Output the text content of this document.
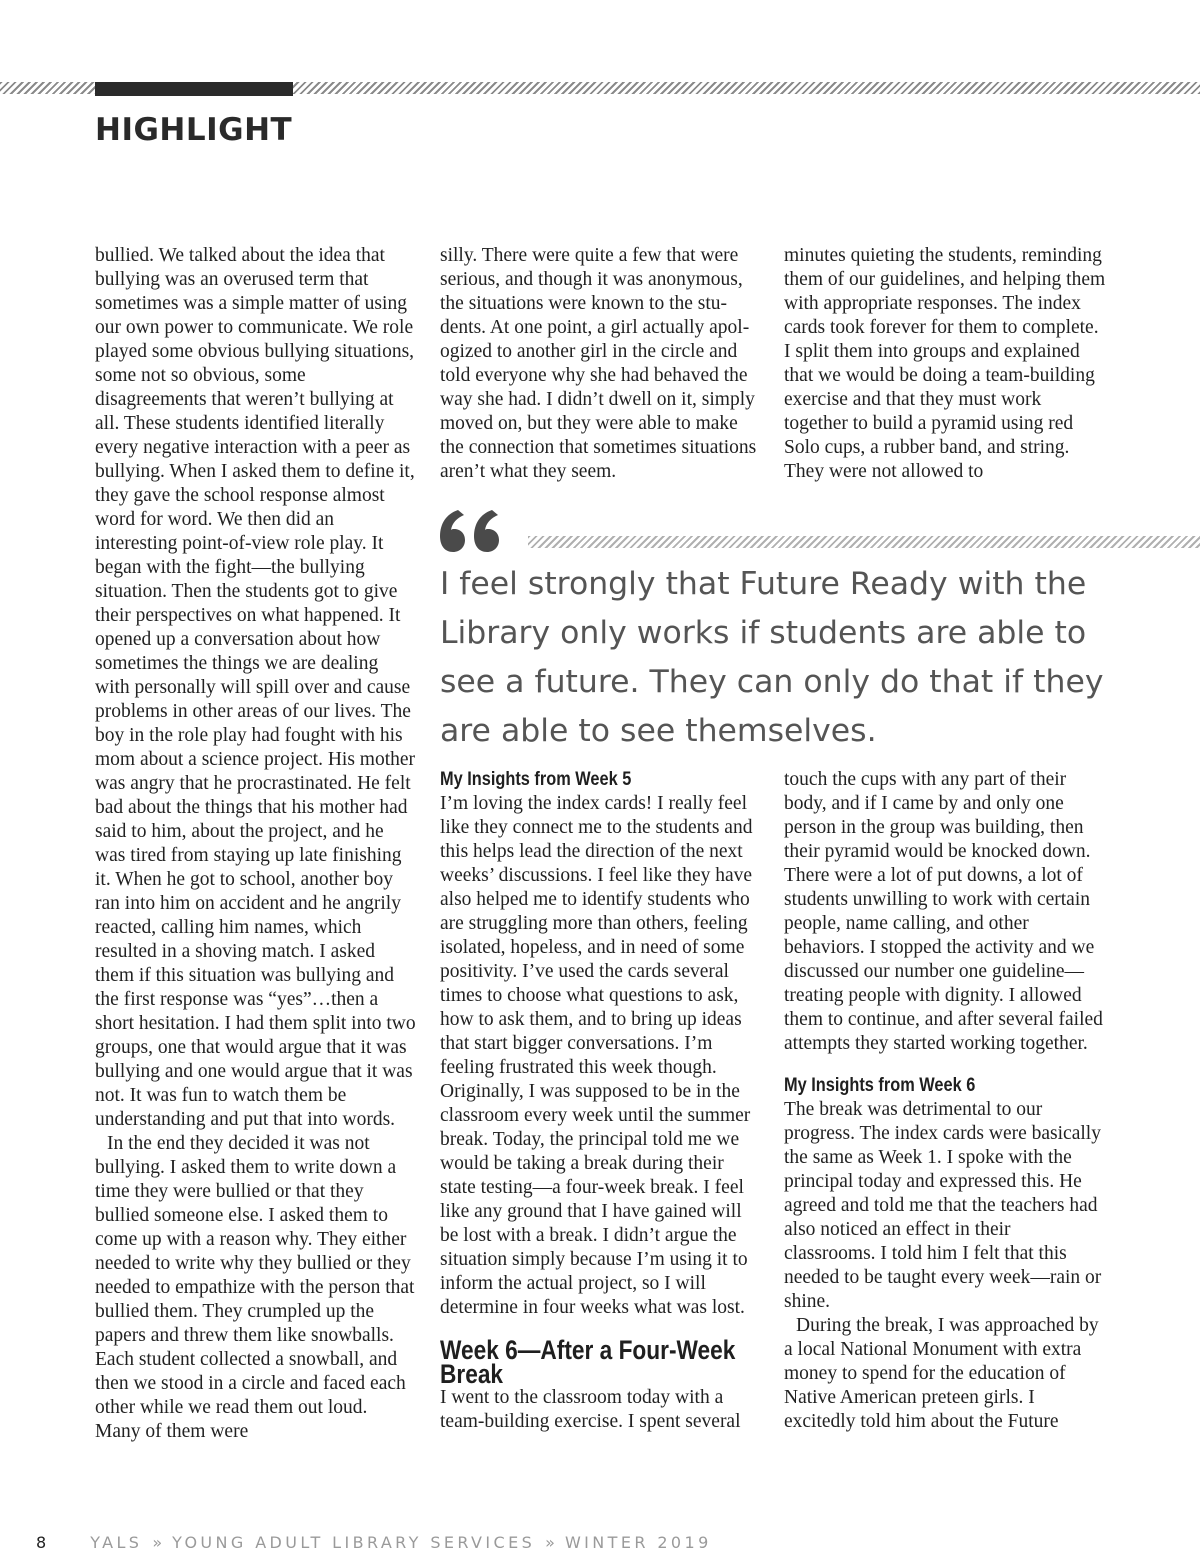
HIGHLIGHT

bullied. We talked about the idea that bullying was an overused term that sometimes was a simple matter of using our own power to communicate. We role played some obvious bullying situations, some not so obvious, some disagreements that weren’t bullying at all. These students identified literally every negative interaction with a peer as bullying. When I asked them to define it, they gave the school response almost word for word. We then did an interesting point-of-view role play. It began with the fight—the bullying situation. Then the students got to give their perspectives on what happened. It opened up a conversation about how sometimes the things we are dealing with personally will spill over and cause problems in other areas of our lives. The boy in the role play had fought with his mom about a science project. His mother was angry that he procrastinated. He felt bad about the things that his mother had said to him, about the project, and he was tired from staying up late finishing it. When he got to school, another boy ran into him on accident and he angrily reacted, calling him names, which resulted in a shoving match. I asked them if this situation was bullying and the first response was “yes”…then a short hesitation. I had them split into two groups, one that would argue that it was bullying and one would argue that it was not. It was fun to watch them be understanding and put that into words.

In the end they decided it was not bullying. I asked them to write down a time they were bullied or that they bullied someone else. I asked them to come up with a reason why. They either needed to write why they bullied or they needed to empathize with the person that bullied them. They crumpled up the papers and threw them like snowballs. Each student collected a snowball, and then we stood in a circle and faced each other while we read them out loud. Many of them were

silly. There were quite a few that were serious, and though it was anonymous, the situations were known to the students. At one point, a girl actually apologized to another girl in the circle and told everyone why she had behaved the way she had. I didn’t dwell on it, simply moved on, but they were able to make the connection that sometimes situations aren’t what they seem.

minutes quieting the students, reminding them of our guidelines, and helping them with appropriate responses. The index cards took forever for them to complete. I split them into groups and explained that we would be doing a team-building exercise and that they must work together to build a pyramid using red Solo cups, a rubber band, and string. They were not allowed to

I feel strongly that Future Ready with the Library only works if students are able to see a future. They can only do that if they are able to see themselves.

My Insights from Week 5

I’m loving the index cards! I really feel like they connect me to the students and this helps lead the direction of the next weeks’ discussions. I feel like they have also helped me to identify students who are struggling more than others, feeling isolated, hopeless, and in need of some positivity. I’ve used the cards several times to choose what questions to ask, how to ask them, and to bring up ideas that start bigger conversations. I’m feeling frustrated this week though. Originally, I was supposed to be in the classroom every week until the summer break. Today, the principal told me we would be taking a break during their state testing—a four-week break. I feel like any ground that I have gained will be lost with a break. I didn’t argue the situation simply because I’m using it to inform the actual project, so I will determine in four weeks what was lost.

Week 6—After a Four-Week
Break

I went to the classroom today with a team-building exercise. I spent several

touch the cups with any part of their body, and if I came by and only one person in the group was building, then their pyramid would be knocked down. There were a lot of put downs, a lot of students unwilling to work with certain people, name calling, and other behaviors. I stopped the activity and we discussed our number one guideline—treating people with dignity. I allowed them to continue, and after several failed attempts they started working together.

My Insights from Week 6

The break was detrimental to our progress. The index cards were basically the same as Week 1. I spoke with the principal today and expressed this. He agreed and told me that the teachers had also noticed an effect in their classrooms. I told him I felt that this needed to be taught every week—rain or shine.

During the break, I was approached by a local National Monument with extra money to spend for the education of Native American preteen girls. I excitedly told him about the Future

8	YALS » YOUNG ADULT LIBRARY SERVICES » WINTER 2019
